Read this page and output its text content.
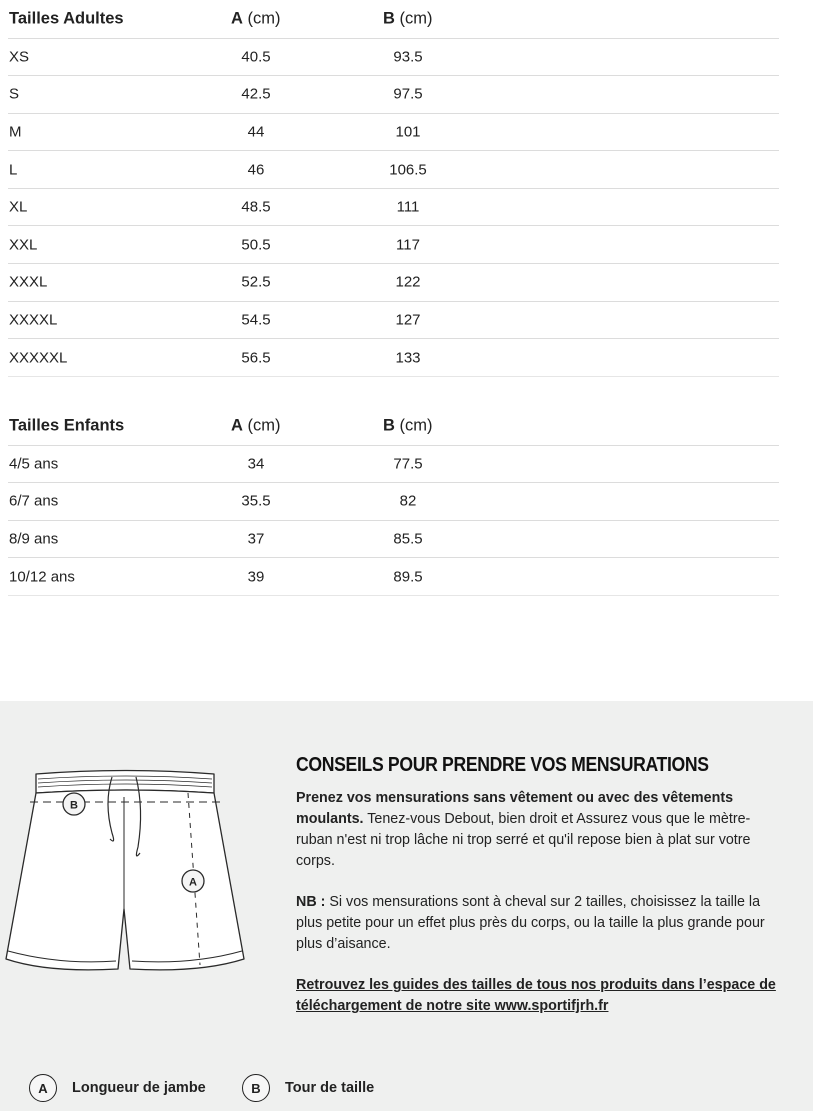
Tailles Adultes	A (cm)	B (cm)
XS	40.5	93.5
S	42.5	97.5
M	44	101
L	46	106.5
XL	48.5	111
XXL	50.5	117
XXXL	52.5	122
XXXXL	54.5	127
XXXXXL	56.5	133
Tailles Enfants	A (cm)	B (cm)
4/5 ans	34	77.5
6/7 ans	35.5	82
8/9 ans	37	85.5
10/12 ans	39	89.5
B
A
CONSEILS POUR PRENDRE VOS MENSURATIONS

Prenez vos mensurations sans vêtement ou avec des vêtements moulants. Tenez-vous Debout, bien droit et Assurez vous que le mètre-ruban n'est ni trop lâche ni trop serré et qu'il repose bien à plat sur votre corps.

NB : Si vos mensurations sont à cheval sur 2 tailles, choisissez la taille la plus petite pour un effet plus près du corps, ou la taille la plus grande pour plus d’aisance.

Retrouvez les guides des tailles de tous nos produits dans l’espace de téléchargement de notre site www.sportifjrh.fr

A	Longueur de jambe	B	Tour de taille
